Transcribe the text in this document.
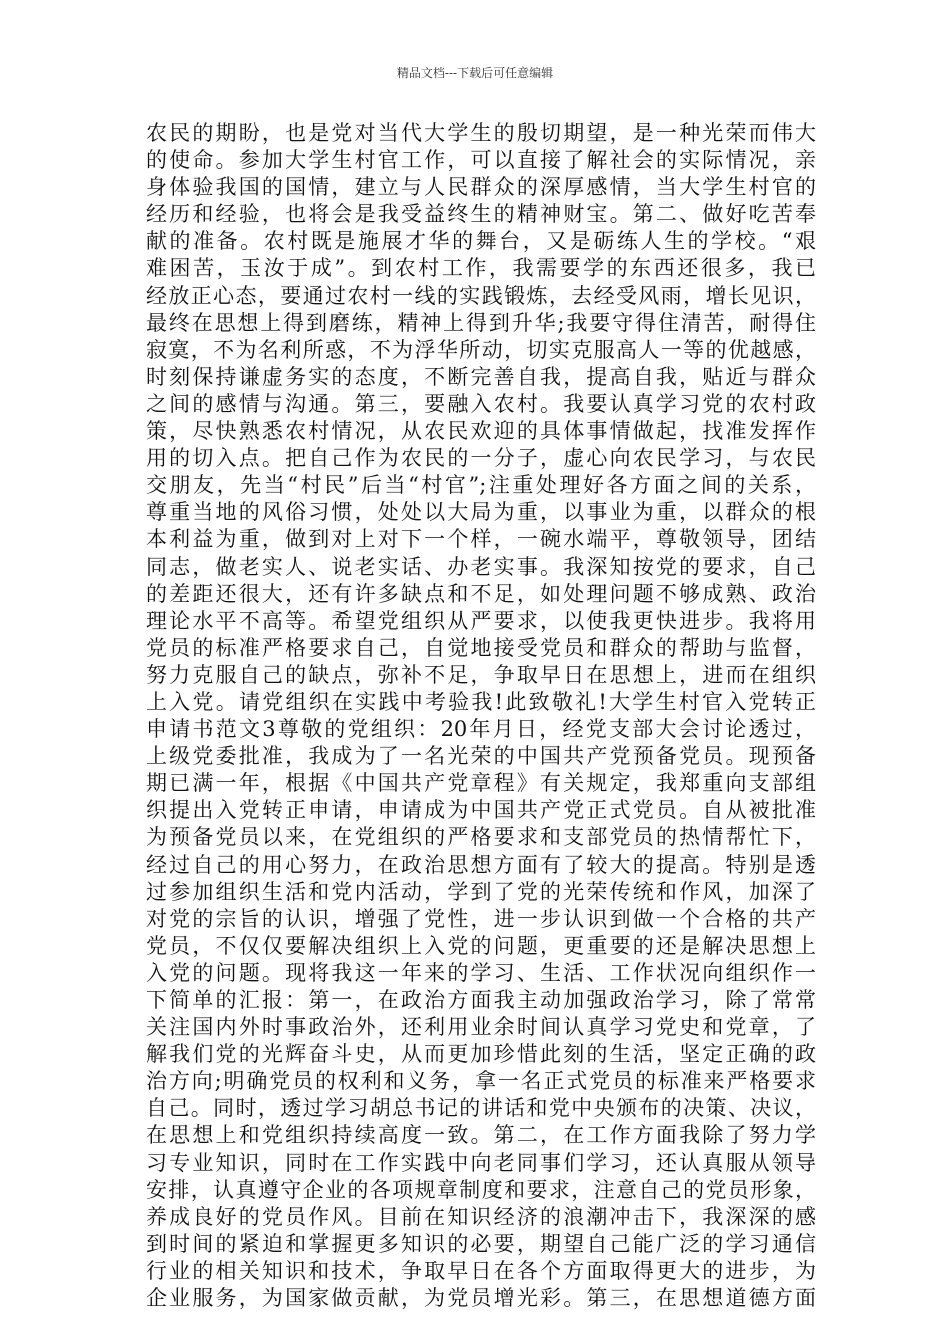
精品文档---下载后可任意编辑
农民的期盼，也是党对当代大学生的殷切期望，是一种光荣而伟大
的使命。参加大学生村官工作，可以直接了解社会的实际情况，亲
身体验我国的国情，建立与人民群众的深厚感情，当大学生村官的
经历和经验，也将会是我受益终生的精神财宝。第二、做好吃苦奉
献的准备。农村既是施展才华的舞台，又是砺练人生的学校。“艰
难困苦，玉汝于成”。到农村工作，我需要学的东西还很多，我已
经放正心态，要通过农村一线的实践锻炼，去经受风雨，增长见识，
最终在思想上得到磨练，精神上得到升华;我要守得住清苦，耐得住
寂寞，不为名利所惑，不为浮华所动，切实克服高人一等的优越感，
时刻保持谦虚务实的态度，不断完善自我，提高自我，贴近与群众
之间的感情与沟通。第三，要融入农村。我要认真学习党的农村政
策，尽快熟悉农村情况，从农民欢迎的具体事情做起，找准发挥作
用的切入点。把自己作为农民的一分子，虚心向农民学习，与农民
交朋友，先当“村民”后当“村官”;注重处理好各方面之间的关系，
尊重当地的风俗习惯，处处以大局为重，以事业为重，以群众的根
本利益为重，做到对上对下一个样，一碗水端平，尊敬领导，团结
同志，做老实人、说老实话、办老实事。我深知按党的要求，自己
的差距还很大，还有许多缺点和不足，如处理问题不够成熟、政治
理论水平不高等。希望党组织从严要求，以使我更快进步。我将用
党员的标准严格要求自己，自觉地接受党员和群众的帮助与监督，
努力克服自己的缺点，弥补不足，争取早日在思想上，进而在组织
上入党。请党组织在实践中考验我!此致敬礼!大学生村官入党转正
申请书范文3尊敬的党组织：20年月日，经党支部大会讨论透过，
上级党委批准，我成为了一名光荣的中国共产党预备党员。现预备
期已满一年，根据《中国共产党章程》有关规定，我郑重向支部组
织提出入党转正申请，申请成为中国共产党正式党员。自从被批准
为预备党员以来，在党组织的严格要求和支部党员的热情帮忙下，
经过自己的用心努力，在政治思想方面有了较大的提高。特别是透
过参加组织生活和党内活动，学到了党的光荣传统和作风，加深了
对党的宗旨的认识，增强了党性，进一步认识到做一个合格的共产
党员，不仅仅要解决组织上入党的问题，更重要的还是解决思想上
入党的问题。现将我这一年来的学习、生活、工作状况向组织作一
下简单的汇报：第一，在政治方面我主动加强政治学习，除了常常
关注国内外时事政治外，还利用业余时间认真学习党史和党章，了
解我们党的光辉奋斗史，从而更加珍惜此刻的生活，坚定正确的政
治方向;明确党员的权利和义务，拿一名正式党员的标准来严格要求
自己。同时，透过学习胡总书记的讲话和党中央颁布的决策、决议，
在思想上和党组织持续高度一致。第二，在工作方面我除了努力学
习专业知识，同时在工作实践中向老同事们学习，还认真服从领导
安排，认真遵守企业的各项规章制度和要求，注意自己的党员形象，
养成良好的党员作风。目前在知识经济的浪潮冲击下，我深深的感
到时间的紧迫和掌握更多知识的必要，期望自己能广泛的学习通信
行业的相关知识和技术，争取早日在各个方面取得更大的进步，为
企业服务，为国家做贡献，为党员增光彩。第三，在思想道德方面
